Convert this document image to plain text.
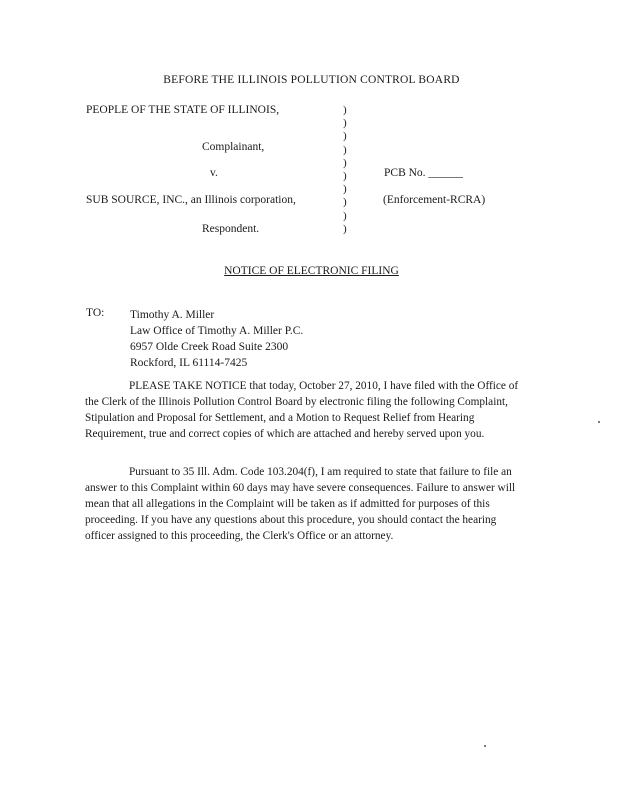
BEFORE THE ILLINOIS POLLUTION CONTROL BOARD
PEOPLE OF THE STATE OF ILLINOIS,
Complainant,
v.	PCB No. ______
SUB SOURCE, INC., an Illinois corporation,	(Enforcement-RCRA)
Respondent.
)
)
)
)
)
)
)
)
)
)
NOTICE OF ELECTRONIC FILING
TO: Timothy A. Miller
Law Office of Timothy A. Miller P.C.
6957 Olde Creek Road Suite 2300
Rockford, IL 61114-7425
PLEASE TAKE NOTICE that today, October 27, 2010, I have filed with the Office of the Clerk of the Illinois Pollution Control Board by electronic filing the following Complaint, Stipulation and Proposal for Settlement, and a Motion to Request Relief from Hearing Requirement, true and correct copies of which are attached and hereby served upon you.
Pursuant to 35 Ill. Adm. Code 103.204(f), I am required to state that failure to file an answer to this Complaint within 60 days may have severe consequences. Failure to answer will mean that all allegations in the Complaint will be taken as if admitted for purposes of this proceeding. If you have any questions about this procedure, you should contact the hearing officer assigned to this proceeding, the Clerk's Office or an attorney.
